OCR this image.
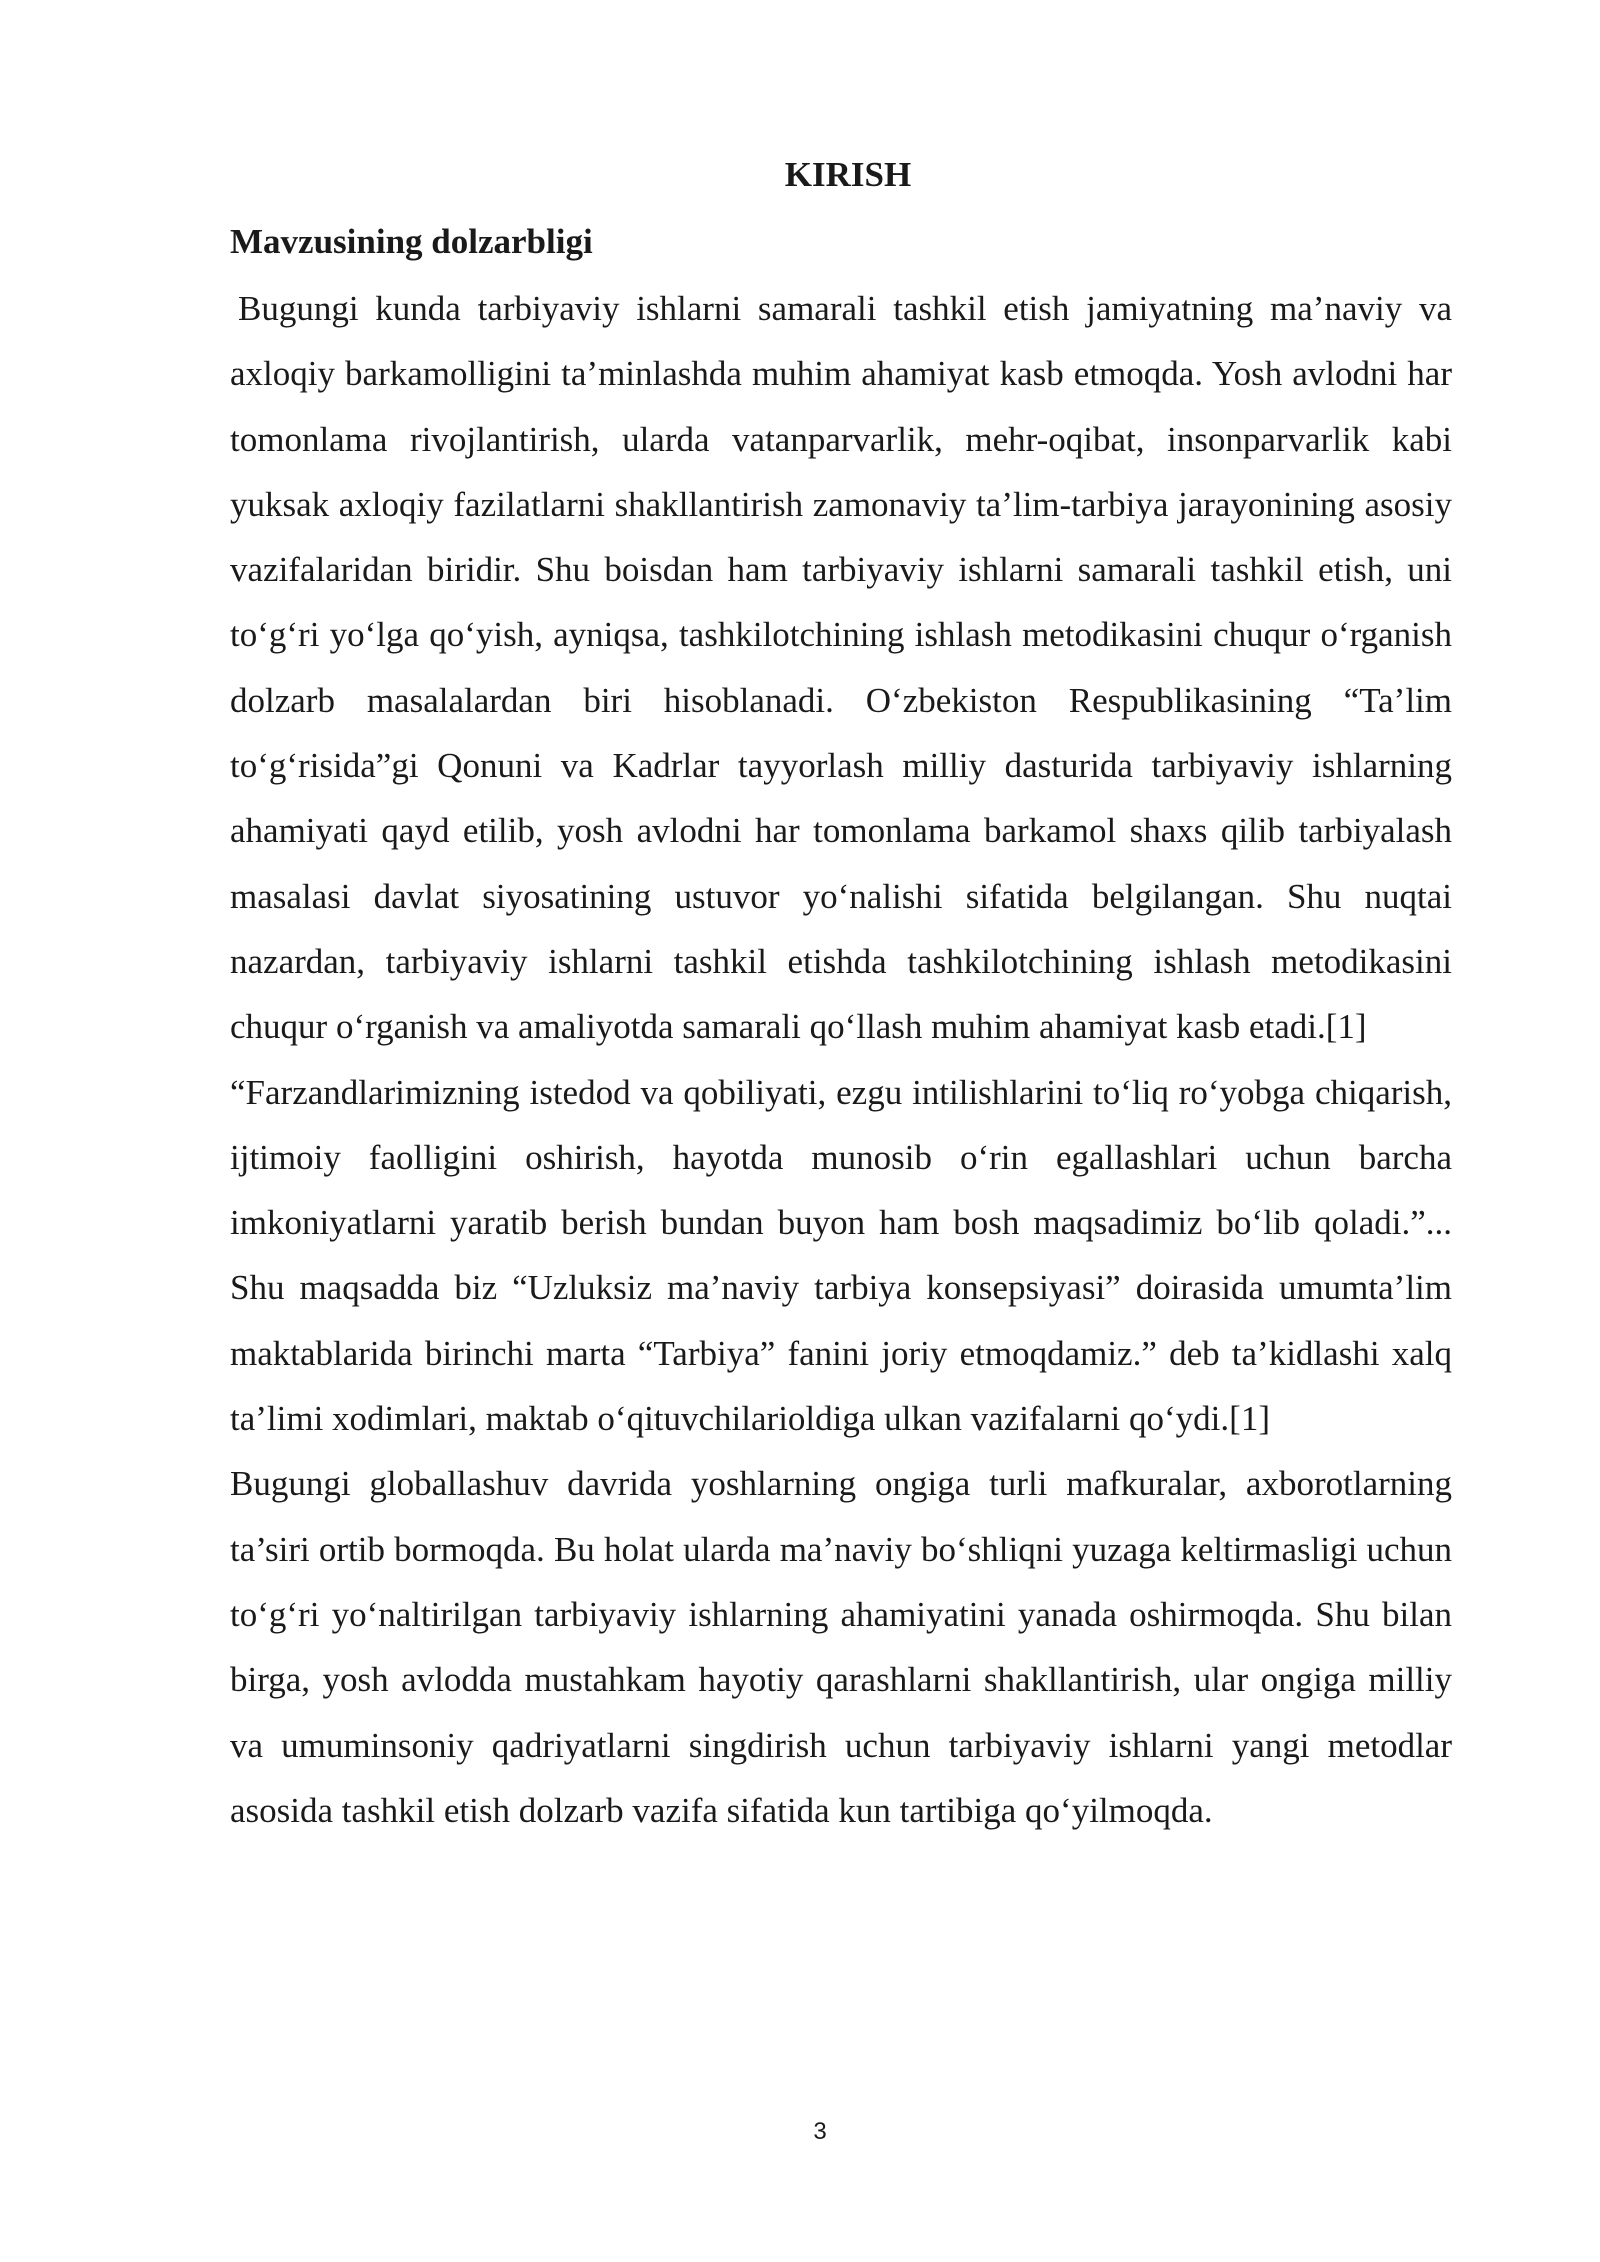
KIRISH
Mavzusining dolzarbligi

Bugungi kunda tarbiyaviy ishlarni samarali tashkil etish jamiyatning ma’naviy va axloqiy barkamolligini ta’minlashda muhim ahamiyat kasb etmoqda. Yosh avlodni har tomonlama rivojlantirish, ularda vatanparvarlik, mehr-oqibat, insonparvarlik kabi yuksak axloqiy fazilatlarni shakllantirish zamonaviy ta’lim-tarbiya jarayonining asosiy vazifalaridan biridir. Shu boisdan ham tarbiyaviy ishlarni samarali tashkil etish, uni to‘g‘ri yo‘lga qo‘yish, ayniqsa, tashkilotchining ishlash metodikasini chuqur o‘rganish dolzarb masalalardan biri hisoblanadi. O‘zbekiston Respublikasining “Ta’lim to‘g‘risida”gi Qonuni va Kadrlar tayyorlash milliy dasturida tarbiyaviy ishlarning ahamiyati qayd etilib, yosh avlodni har tomonlama barkamol shaxs qilib tarbiyalash masalasi davlat siyosatining ustuvor yo‘nalishi sifatida belgilangan. Shu nuqtai nazardan, tarbiyaviy ishlarni tashkil etishda tashkilotchining ishlash metodikasini chuqur o‘rganish va amaliyotda samarali qo‘llash muhim ahamiyat kasb etadi.[1]

“Farzandlarimizning istedod va qobiliyati, ezgu intilishlarini to‘liq ro‘yobga chiqarish, ijtimoiy faolligini oshirish, hayotda munosib o‘rin egallashlari uchun barcha imkoniyatlarni yaratib berish bundan buyon ham bosh maqsadimiz bo‘lib qoladi.”... Shu maqsadda biz “Uzluksiz ma’naviy tarbiya konsepsiyasi” doirasida umumta’lim maktablarida birinchi marta “Tarbiya” fanini joriy etmoqdamiz.” deb ta’kidlashi xalq ta’limi xodimlari, maktab o‘qituvchilarioldiga ulkan vazifalarni qo‘ydi.[1]

Bugungi globallashuv davrida yoshlarning ongiga turli mafkuralar, axborotlarning ta’siri ortib bormoqda. Bu holat ularda ma’naviy bo‘shliqni yuzaga keltirmasligi uchun to‘g‘ri yo‘naltirilgan tarbiyaviy ishlarning ahamiyatini yanada oshirmoqda. Shu bilan birga, yosh avlodda mustahkam hayotiy qarashlarni shakllantirish, ular ongiga milliy va umuminsoniy qadriyatlarni singdirish uchun tarbiyaviy ishlarni yangi metodlar asosida tashkil etish dolzarb vazifa sifatida kun tartibiga qo‘yilmoqda.

3
